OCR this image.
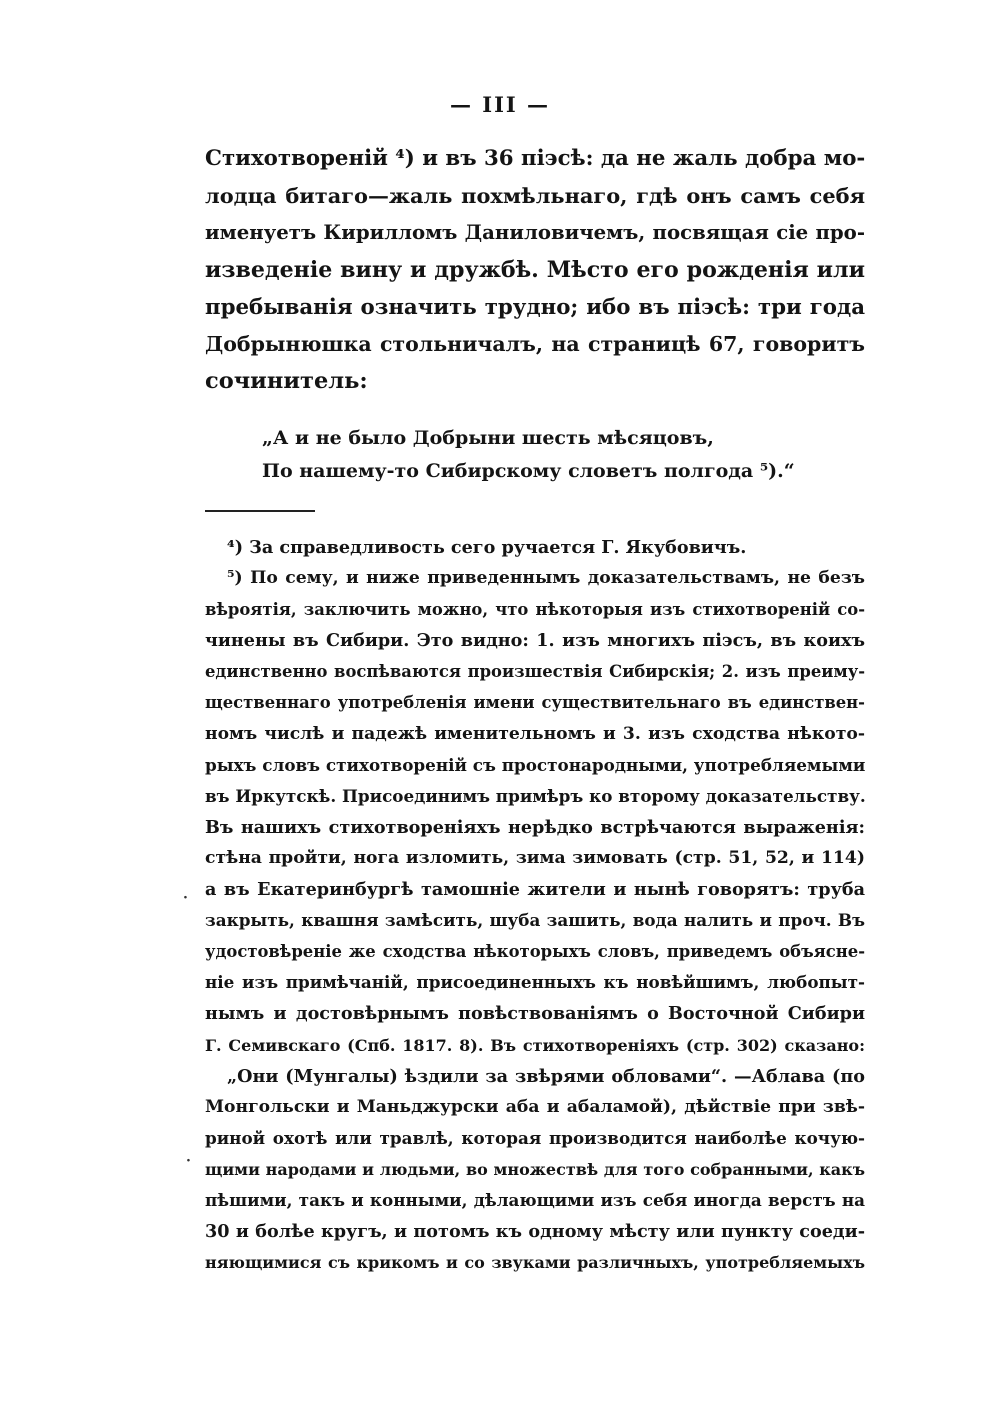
— III —
Стихотворенiй ⁴) и въ 36 пiэсѣ: да не жаль добра мо-
лодца битаго—жаль похмѣльнаго, гдѣ онъ самъ себя
именуетъ Кирилломъ Даниловичемъ, посвящая сiе про-
изведенiе вину и дружбѣ. Мѣсто его рожденiя или
пребыванiя означить трудно; ибо въ пiэсѣ: три года
Добрынюшка стольничалъ, на страницѣ 67, говоритъ
сочинитель:
„А и не было Добрыни шесть мѣсяцовъ,
По нашему-то Сибирскому словетъ полгода ⁵).“
⁴) За справедливость сего ручается Г. Якубовичъ.
⁵) По сему, и ниже приведеннымъ доказательствамъ, не безъ
вѣроятiя, заключить можно, что нѣкоторыя изъ стихотворенiй со-
чинены въ Сибири. Это видно: 1. изъ многихъ пiэсъ, въ коихъ
единственно воспѣваются произшествiя Сибирскiя; 2. изъ преиму-
щественнаго употребленiя имени существительнаго въ единствен-
номъ числѣ и падежѣ именительномъ и 3. изъ сходства нѣкото-
рыхъ словъ стихотворенiй съ простонародными, употребляемыми
въ Иркутскѣ. Присоединимъ примѣръ ко второму доказательству.
Въ нашихъ стихотворенiяхъ нерѣдко встрѣчаются выраженiя:
стѣна пройти, нога изломить, зима зимовать (стр. 51, 52, и 114)
а въ Екатеринбургѣ тамошнiе жители и нынѣ говорятъ: труба
закрыть, квашня замѣсить, шуба зашить, вода налить и проч. Въ
удостовѣренiе же сходства нѣкоторыхъ словъ, приведемъ объясне-
нiе изъ примѣчанiй, присоединенныхъ къ новѣйшимъ, любопыт-
нымъ и достовѣрнымъ повѣствованiямъ о Восточной Сибири
Г. Семивскаго (Спб. 1817. 8). Въ стихотворенiяхъ (стр. 302) сказано:
„Они (Мунгалы) ѣздили за звѣрями обловами“. —Аблава (по
Монгольски и Маньджурски аба и абаламой), дѣйствiе при звѣ-
риной охотѣ или травлѣ, которая производится наиболѣе кочую-
щими народами и людьми, во множествѣ для того собранными, какъ
пѣшими, такъ и конными, дѣлающими изъ себя иногда верстъ на
30 и болѣе кругъ, и потомъ къ одному мѣсту или пункту соеди-
няющимися съ крикомъ и со звуками различныхъ, употребляемыхъ
·
·
